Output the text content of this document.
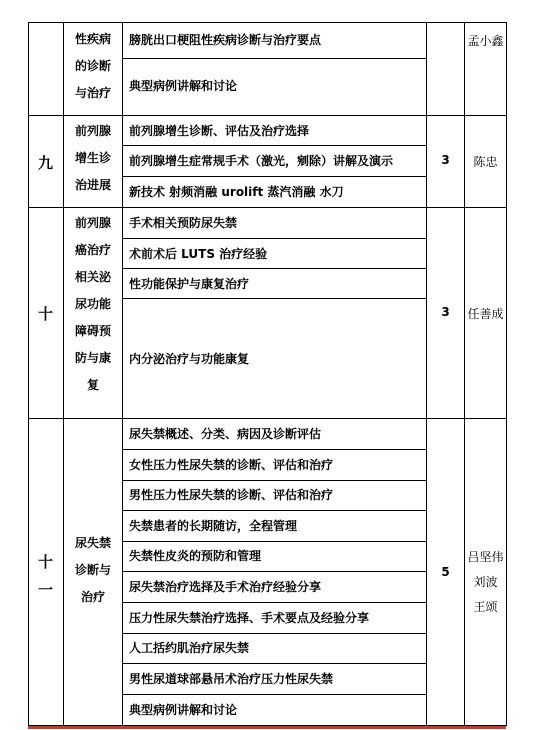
性疾病
的诊断
与治疗
膀胱出口梗阻性疾病诊断与治疗要点
典型病例讲解和讨论
孟小鑫
九
前列腺
增生诊
治进展
前列腺增生诊断、评估及治疗选择
前列腺增生症常规手术（激光，剜除）讲解及演示
新技术 射频消融 urolift 蒸汽消融 水刀
3	陈忠
十
前列腺
癌治疗
相关泌
尿功能
障碍预
防与康
复
手术相关预防尿失禁
术前术后 LUTS 治疗经验
性功能保护与康复治疗
内分泌治疗与功能康复
3	任善成
十
一
尿失禁
诊断与
治疗
尿失禁概述、分类、病因及诊断评估
女性压力性尿失禁的诊断、评估和治疗
男性压力性尿失禁的诊断、评估和治疗
失禁患者的长期随访，全程管理
失禁性皮炎的预防和管理
尿失禁治疗选择及手术治疗经验分享
压力性尿失禁治疗选择、手术要点及经验分享
人工括约肌治疗尿失禁
男性尿道球部悬吊术治疗压力性尿失禁
典型病例讲解和讨论
5
吕坚伟
刘波
王颂
